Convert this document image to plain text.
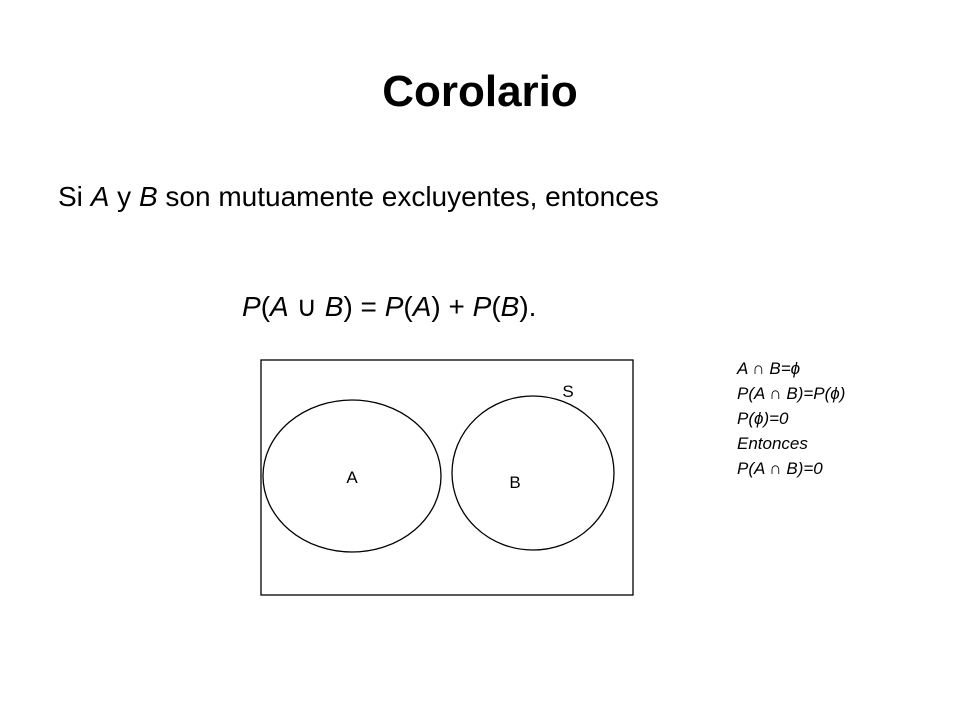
Corolario
Si A y B son mutuamente excluyentes, entonces
P(A ∪ B) = P(A) + P(B).
S
A	B
A ∩ B=ϕ
P(A ∩ B)=P(ϕ)
P(ϕ)=0
Entonces
P(A ∩ B)=0
